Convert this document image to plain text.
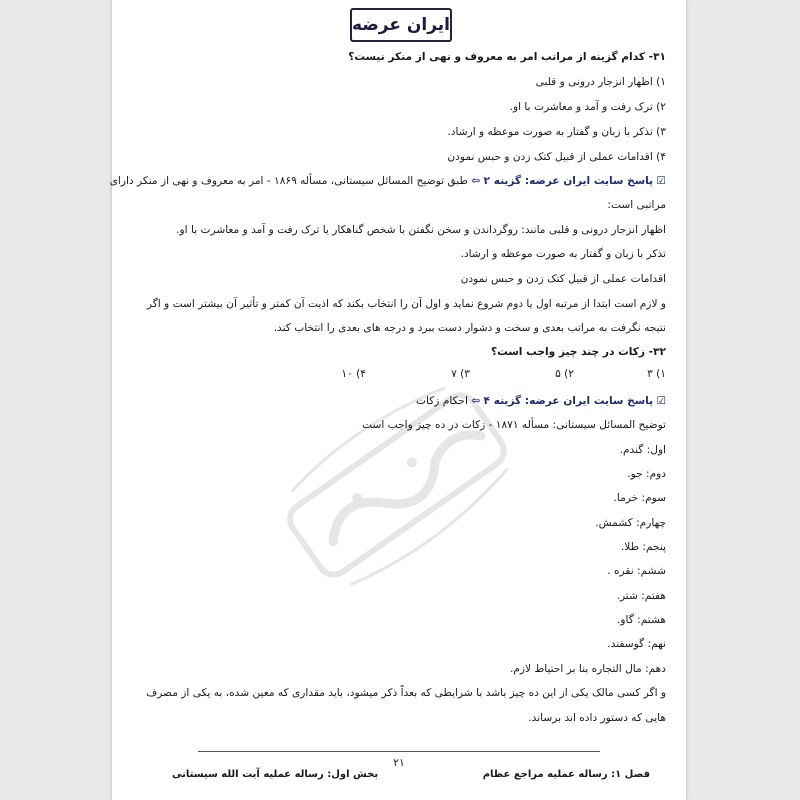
ایران عرضه
۳۱- کدام گزینه از مراتب امر به معروف و نهی از منکر نیست؟
۱) اظهار انزجار درونی و قلبی
۲) ترک رفت و آمد و معاشرت با او.
۳) تذکر با زبان و گفتار به صورت موعظه و ارشاد.
۴) اقدامات عملی از قبیل کتک زدن و حبس نمودن
☑ پاسخ سایت ایران عرضه: گزینه ۲ ⇦ طبق توضیح المسائل سیستانی، مسأله ۱۸۶۹ - امر به معروف و نهی از منکر دارای
مراتبی است:
اظهار انزجار درونی و قلبی مانند: روگرداندن و سخن نگفتن با شخص گناهکار یا ترک رفت و آمد و معاشرت با او.
تذکر با زبان و گفتار به صورت موعظه و ارشاد.
اقدامات عملی از قبیل کتک زدن و حبس نمودن
و لازم است ابتدا از مرتبه اول یا دوم شروع نماید و اول آن را انتخاب بکند که اذیت آن کمتر و تأثیر آن بیشتر است و اگر
نتیجه نگرفت به مراتب بعدی و سخت و دشوار دست ببرد و درجه های بعدی را انتخاب کند.
۳۲- زکات در چند چیز واجب است؟
۱) ۳
۲) ۵
۳) ۷
۴) ۱۰
☑ پاسخ سایت ایران عرضه: گزینه ۴ ⇦ احکام زکات
توضیح المسائل سیستانی: مسأله ۱۸۷۱ - زکات در ده چیز واجب است
اول: گندم.
دوم: جو.
سوم: خرما.
چهارم: کشمش.
پنجم: طلا.
ششم: نقره .
هفتم: شتر.
هشتم: گاو.
نهم: گوسفند.
دهم: مال التجاره بنا بر احتیاط لازم.
و اگر کسی مالک یکی از این ده چیز باشد با شرایطی که بعداً ذکر میشود، باید مقداری که معین شده، به یکی از مصرف
هایی که دستور داده اند برساند.
۲۱
فصل ۱: رساله عملیه مراجع عظام
بخش اول: رساله عملیه آیت الله سیستانی
